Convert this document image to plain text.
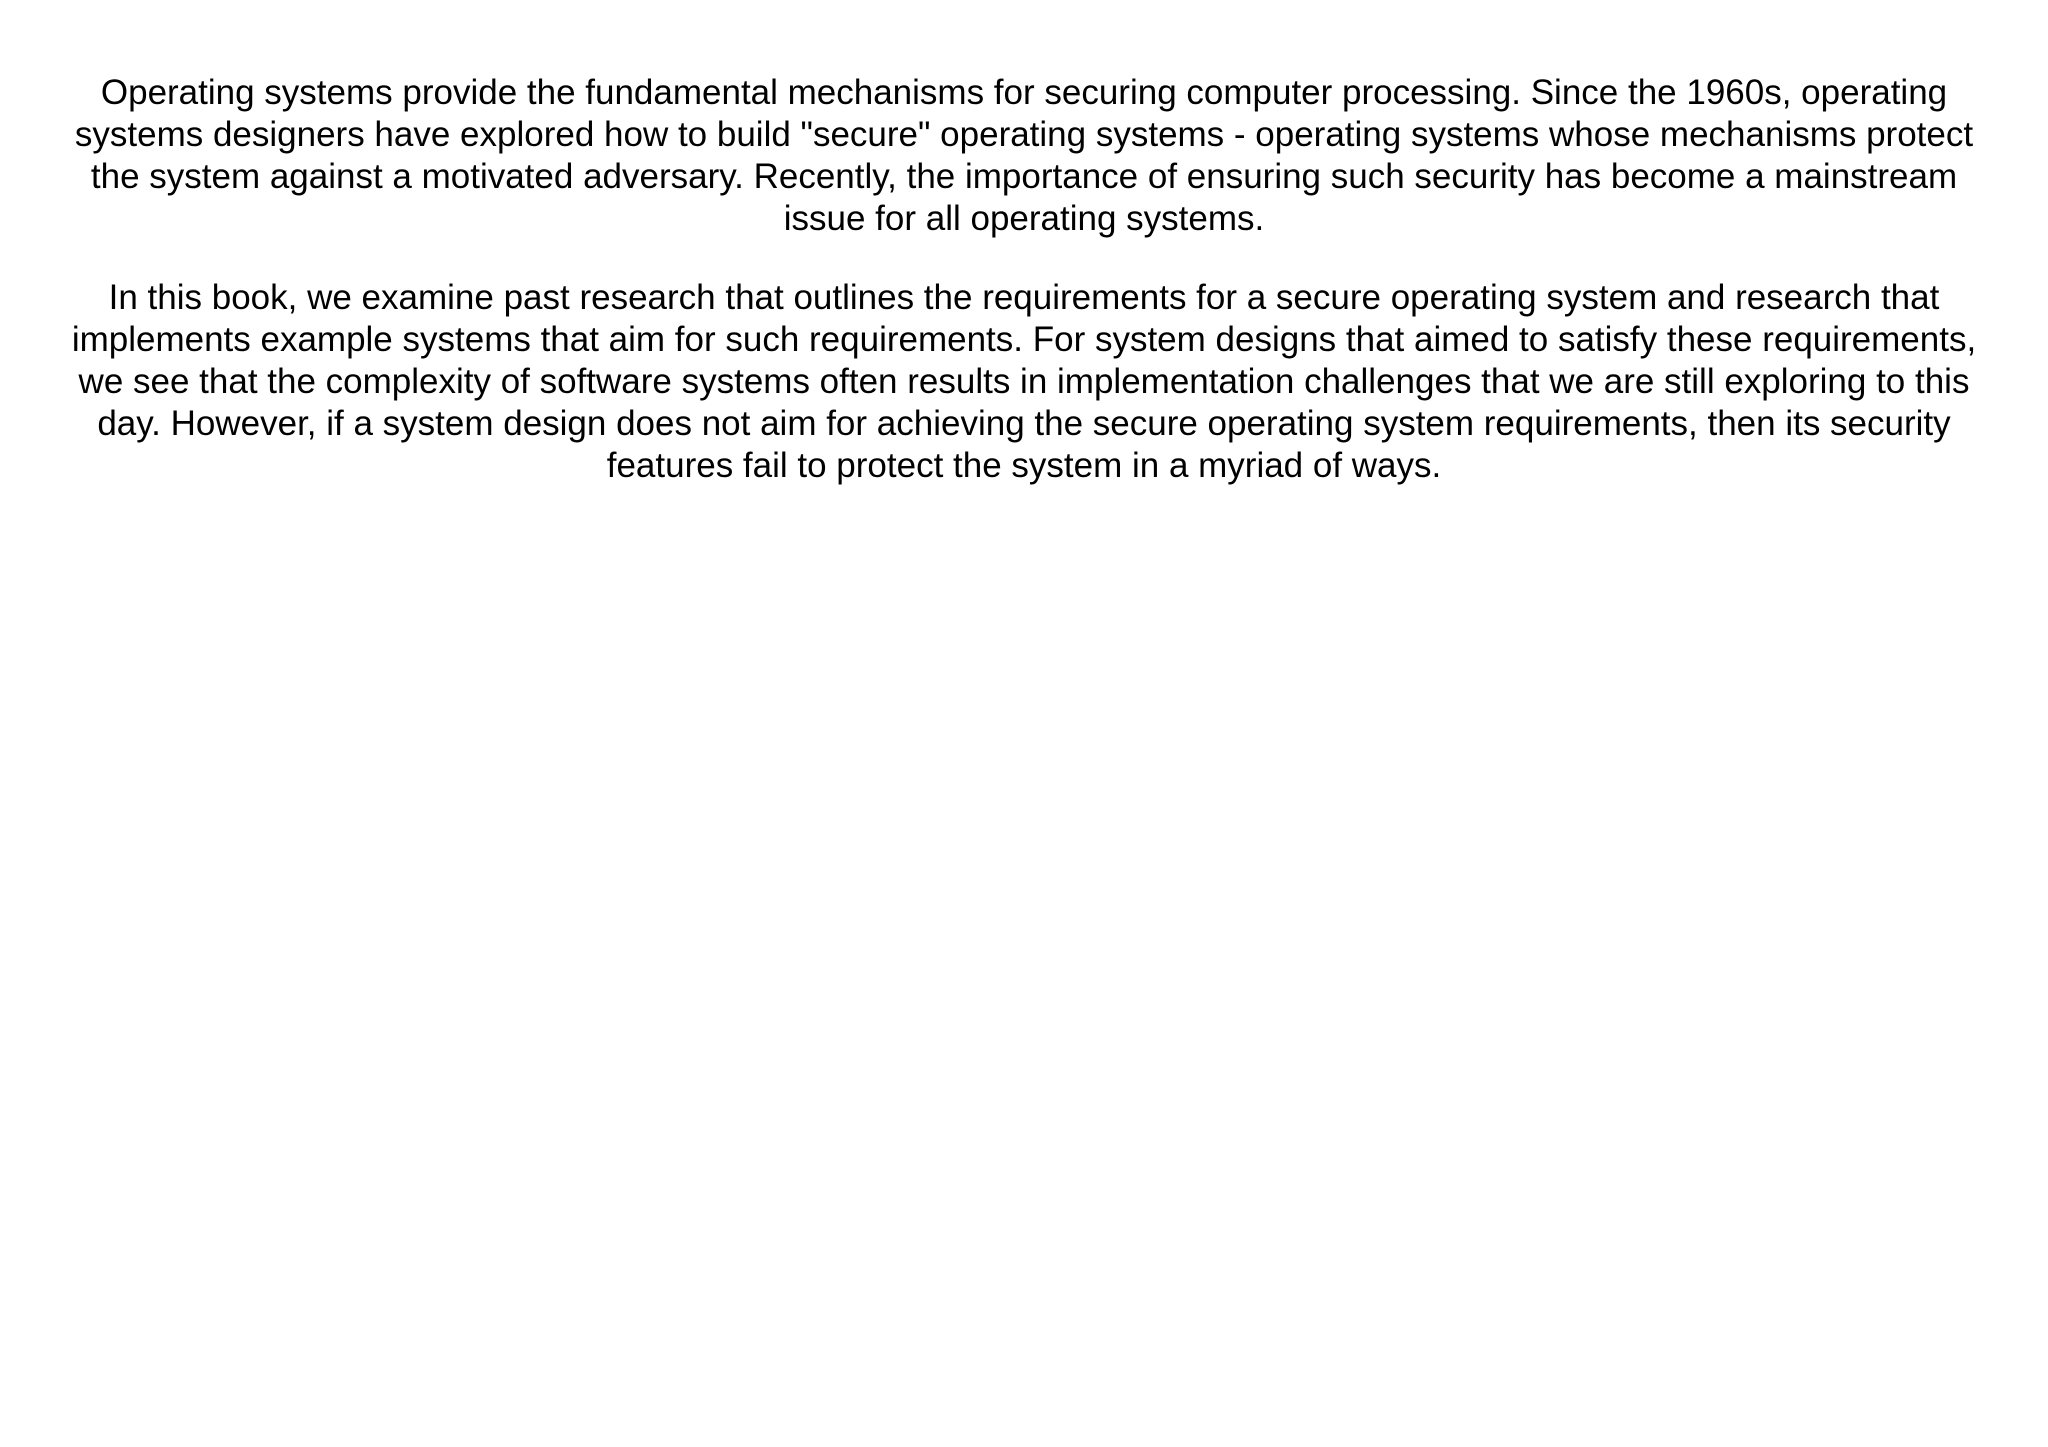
Operating systems provide the fundamental mechanisms for securing computer processing. Since the 1960s, operating systems designers have explored how to build "secure" operating systems - operating systems whose mechanisms protect the system against a motivated adversary. Recently, the importance of ensuring such security has become a mainstream issue for all operating systems.

In this book, we examine past research that outlines the requirements for a secure operating system and research that implements example systems that aim for such requirements. For system designs that aimed to satisfy these requirements, we see that the complexity of software systems often results in implementation challenges that we are still exploring to this day. However, if a system design does not aim for achieving the secure operating system requirements, then its security features fail to protect the system in a myriad of ways.
